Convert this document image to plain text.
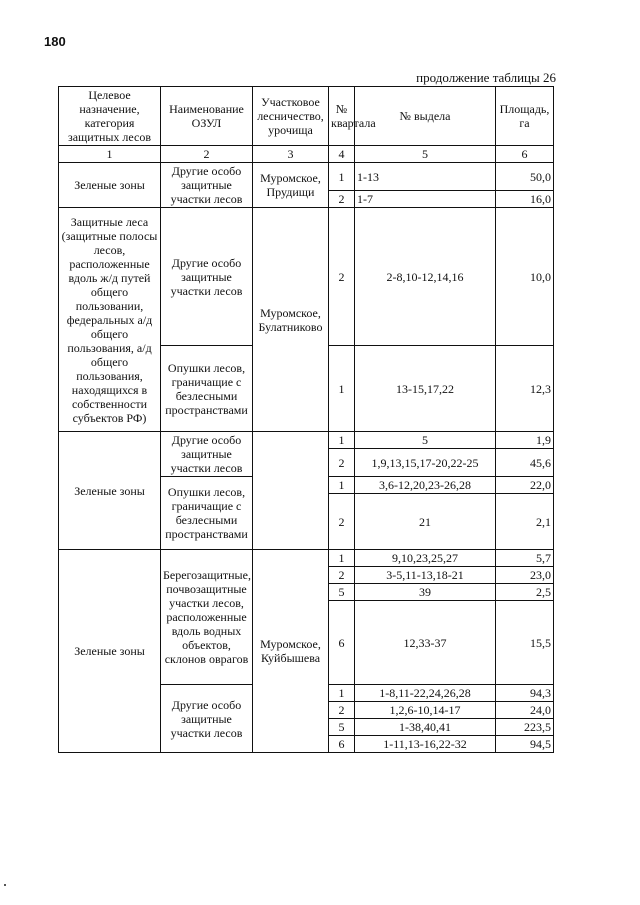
180
продолжение таблицы 26
Целевое назначение, категория защитных лесов	Наименование ОЗУЛ	Участковое лесничество, урочища	№ квартала	№ выдела	Площадь, га
1	2	3	4	5	6
Зеленые зоны	Другие особо защитные участки лесов	Муромское, Прудищи	1	1-13	50,0
			2	1-7	16,0
Защитные леса (защитные полосы лесов, расположенные вдоль ж/д путей общего пользовании, федеральных а/д общего пользования, а/д общего пользования, находящихся в собственности субъектов РФ)	Другие особо защитные участки лесов	Муромское, Булатниково	2	2-8,10-12,14,16	10,0
	Опушки лесов, граничащие с безлесными пространствами		1	13-15,17,22	12,3
Зеленые зоны	Другие особо защитные участки лесов		1	5	1,9
			2	1,9,13,15,17-20,22-25	45,6
	Опушки лесов, граничащие с безлесными пространствами		1	3,6-12,20,23-26,28	22,0
			2	21	2,1
Зеленые зоны	Берегозащитные, почвозащитные участки лесов, расположенные вдоль водных объектов, склонов оврагов	Муромское, Куйбышева	1	9,10,23,25,27	5,7
			2	3-5,11-13,18-21	23,0
			5	39	2,5
			6	12,33-37	15,5
	Другие особо защитные участки лесов		1	1-8,11-22,24,26,28	94,3
			2	1,2,6-10,14-17	24,0
			5	1-38,40,41	223,5
			6	1-11,13-16,22-32	94,5
